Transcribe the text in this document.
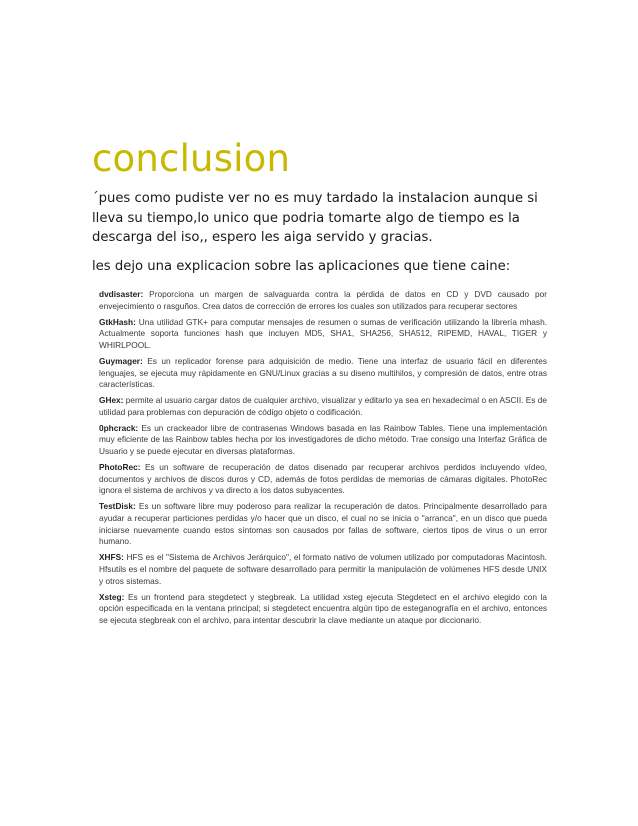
conclusion

´pues como pudiste ver no es muy tardado la instalacion aunque si lleva su tiempo,lo unico que podria tomarte algo de tiempo es la descarga del iso,, espero les aiga servido y gracias.

les dejo una explicacion sobre las aplicaciones que tiene caine:

dvdisaster: Proporciona un margen de salvaguarda contra la pérdida de datos en CD y DVD causado por envejecimiento o rasguños. Crea datos de corrección de errores los cuales son utilizados para recuperar sectores

GtkHash: Una utilidad GTK+ para computar mensajes de resumen o sumas de verificación utilizando la librería mhash. Actualmente soporta funciones hash que incluyen MD5, SHA1, SHA256, SHA512, RIPEMD, HAVAL, TIGER y WHIRLPOOL.

Guymager: Es un replicador forense para adquisición de medio. Tiene una interfaz de usuario fácil en diferentes lenguajes, se ejecuta muy rápidamente en GNU/Linux gracias a su diseno multihilos, y compresión de datos, entre otras características.

GHex: permite al usuario cargar datos de cualquier archivo, visualizar y editarlo ya sea en hexadecimal o en ASCII. Es de utilidad para problemas con depuración de código objeto o codificación.

0phcrack: Es un crackeador libre de contrasenas Windows basada en las Rainbow Tables. Tiene una implementación muy eficiente de las Rainbow tables hecha por los investigadores de dicho método. Trae consigo una Interfaz Gráfica de Usuario y se puede ejecutar en diversas plataformas.

PhotoRec: Es un software de recuperación de datos disenado par recuperar archivos perdidos incluyendo vídeo, documentos y archivos de discos duros y CD, además de fotos perdidas de memorias de cámaras digitales. PhotoRec ignora el sistema de archivos y va directo a los datos subyacentes.

TestDisk: Es un software libre muy poderoso para realizar la recuperación de datos. Principalmente desarrollado para ayudar a recuperar particiones perdidas y/o hacer que un disco, el cual no se inicia o "arranca", en un disco que pueda iniciarse nuevamente cuando estos síntomas son causados por fallas de software, ciertos tipos de virus o un error humano.

XHFS: HFS es el "Sistema de Archivos Jerárquico", el formato nativo de volumen utilizado por computadoras Macintosh. Hfsutils es el nombre del paquete de software desarrollado para permitir la manipulación de volúmenes HFS desde UNIX y otros sistemas.

Xsteg: Es un frontend para stegdetect y stegbreak. La utilidad xsteg ejecuta Stegdetect en el archivo elegido con la opción especificada en la ventana principal; si stegdetect encuentra algún tipo de esteganografía en el archivo, entonces se ejecuta stegbreak con el archivo, para intentar descubrir la clave mediante un ataque por diccionario.
